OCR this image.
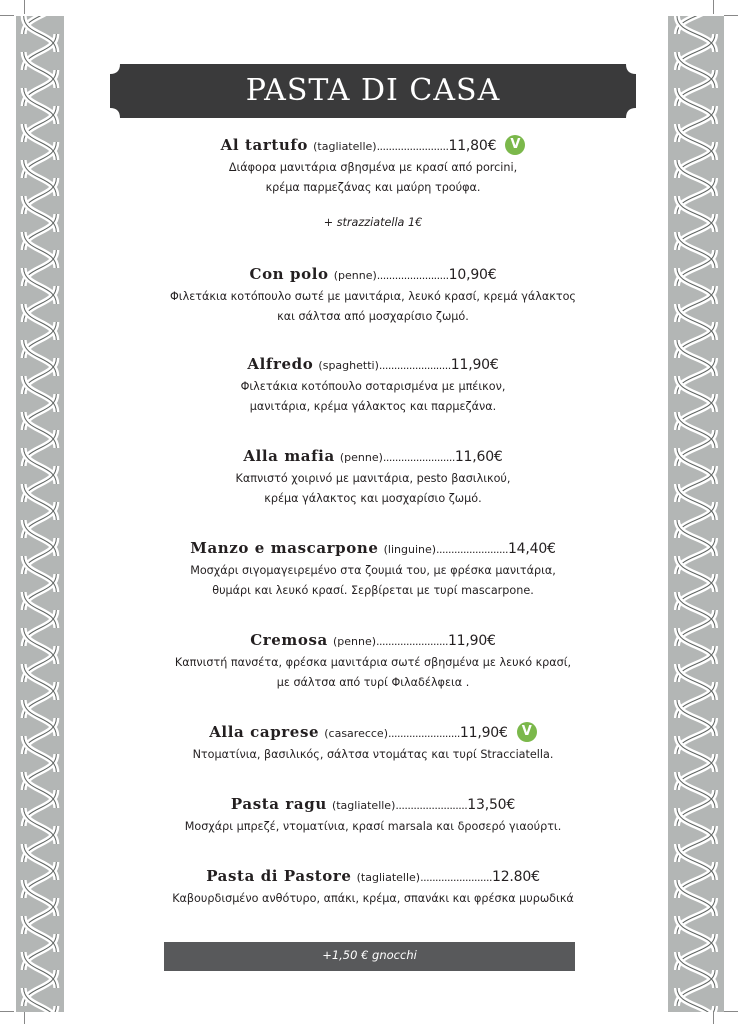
PASTA DI CASA
Al tartufo (tagliatelle)........................11,80€ V
Διάφορα μανιτάρια σβησμένα με κρασί από porcini,
κρέμα παρμεζάνας και μαύρη τρούφα.
+ strazziatella 1€
Con polo (penne)........................10,90€
Φιλετάκια κοτόπουλο σωτέ με μανιτάρια, λευκό κρασί, κρεμά γάλακτος
και σάλτσα από μοσχαρίσιο ζωμό.
Alfredo (spaghetti)........................11,90€
Φιλετάκια κοτόπουλο σοταρισμένα με μπέικον,
μανιτάρια, κρέμα γάλακτος και παρμεζάνα.
Alla mafia (penne)........................11,60€
Καπνιστό χοιρινό με μανιτάρια, pesto βασιλικού,
κρέμα γάλακτος και μοσχαρίσιο ζωμό.
Manzo e mascarpone (linguine)........................14,40€
Μοσχάρι σιγομαγειρεμένο στα ζουμιά του, με φρέσκα μανιτάρια,
θυμάρι και λευκό κρασί. Σερβίρεται με τυρί mascarpone.
Cremosa (penne)........................11,90€
Καπνιστή πανσέτα, φρέσκα μανιτάρια σωτέ σβησμένα με λευκό κρασί,
με σάλτσα από τυρί Φιλαδέλφεια .
Alla caprese (casarecce)........................11,90€ V
Ντοματίνια, βασιλικός, σάλτσα ντομάτας και τυρί Stracciatella.
Pasta ragu (tagliatelle)........................13,50€
Μοσχάρι μπρεζέ, ντοματίνια, κρασί marsala και δροσερό γιαούρτι.
Pasta di Pastore (tagliatelle)........................12.80€
Καβουρδισμένο ανθότυρο, απάκι, κρέμα, σπανάκι και φρέσκα μυρωδικά
+1,50 € gnocchi
